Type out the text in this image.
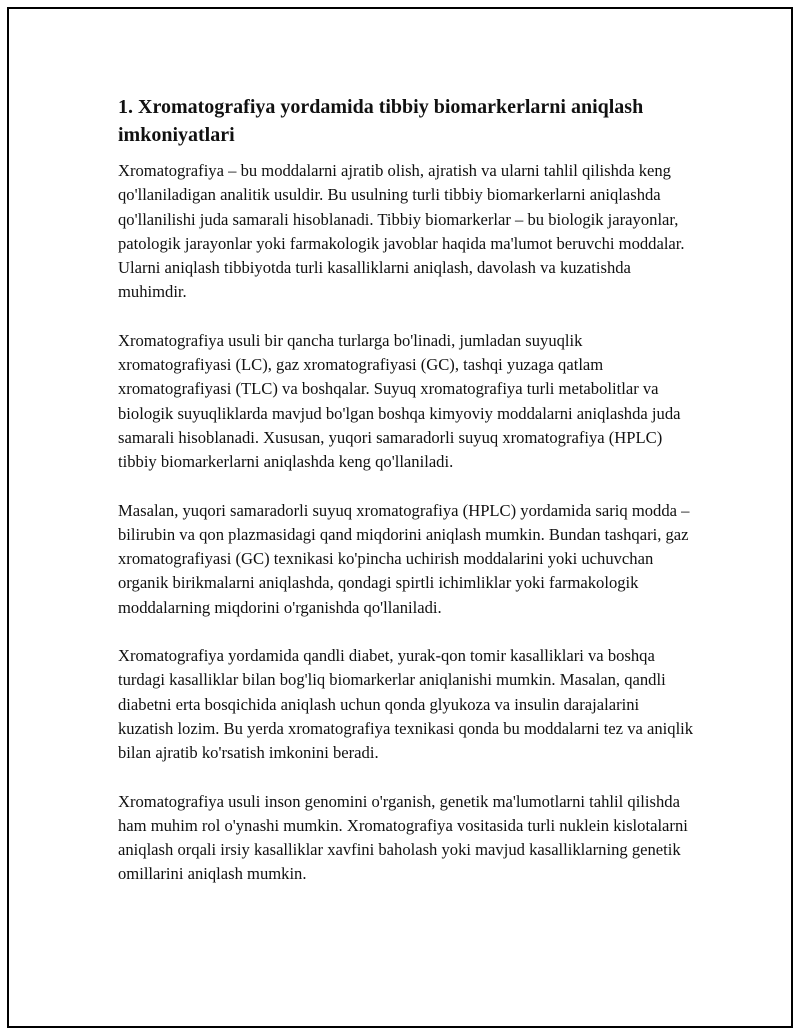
1. Xromatografiya yordamida tibbiy biomarkerlarni aniqlash imkoniyatlari

Xromatografiya – bu moddalarni ajratib olish, ajratish va ularni tahlil qilishda keng qo'llaniladigan analitik usuldir. Bu usulning turli tibbiy biomarkerlarni aniqlashda qo'llanilishi juda samarali hisoblanadi. Tibbiy biomarkerlar – bu biologik jarayonlar, patologik jarayonlar yoki farmakologik javoblar haqida ma'lumot beruvchi moddalar. Ularni aniqlash tibbiyotda turli kasalliklarni aniqlash, davolash va kuzatishda muhimdir.

Xromatografiya usuli bir qancha turlarga bo'linadi, jumladan suyuqlik xromatografiyasi (LC), gaz xromatografiyasi (GC), tashqi yuzaga qatlam xromatografiyasi (TLC) va boshqalar. Suyuq xromatografiya turli metabolitlar va biologik suyuqliklarda mavjud bo'lgan boshqa kimyoviy moddalarni aniqlashda juda samarali hisoblanadi. Xususan, yuqori samaradorli suyuq xromatografiya (HPLC) tibbiy biomarkerlarni aniqlashda keng qo'llaniladi.

Masalan, yuqori samaradorli suyuq xromatografiya (HPLC) yordamida sariq modda – bilirubin va qon plazmasidagi qand miqdorini aniqlash mumkin. Bundan tashqari, gaz xromatografiyasi (GC) texnikasi ko'pincha uchirish moddalarini yoki uchuvchan organik birikmalarni aniqlashda, qondagi spirtli ichimliklar yoki farmakologik moddalarning miqdorini o'rganishda qo'llaniladi.

Xromatografiya yordamida qandli diabet, yurak-qon tomir kasalliklari va boshqa turdagi kasalliklar bilan bog'liq biomarkerlar aniqlanishi mumkin. Masalan, qandli diabetni erta bosqichida aniqlash uchun qonda glyukoza va insulin darajalarini kuzatish lozim. Bu yerda xromatografiya texnikasi qonda bu moddalarni tez va aniqlik bilan ajratib ko'rsatish imkonini beradi.

Xromatografiya usuli inson genomini o'rganish, genetik ma'lumotlarni tahlil qilishda ham muhim rol o'ynashi mumkin. Xromatografiya vositasida turli nuklein kislotalarni aniqlash orqali irsiy kasalliklar xavfini baholash yoki mavjud kasalliklarning genetik omillarini aniqlash mumkin.
